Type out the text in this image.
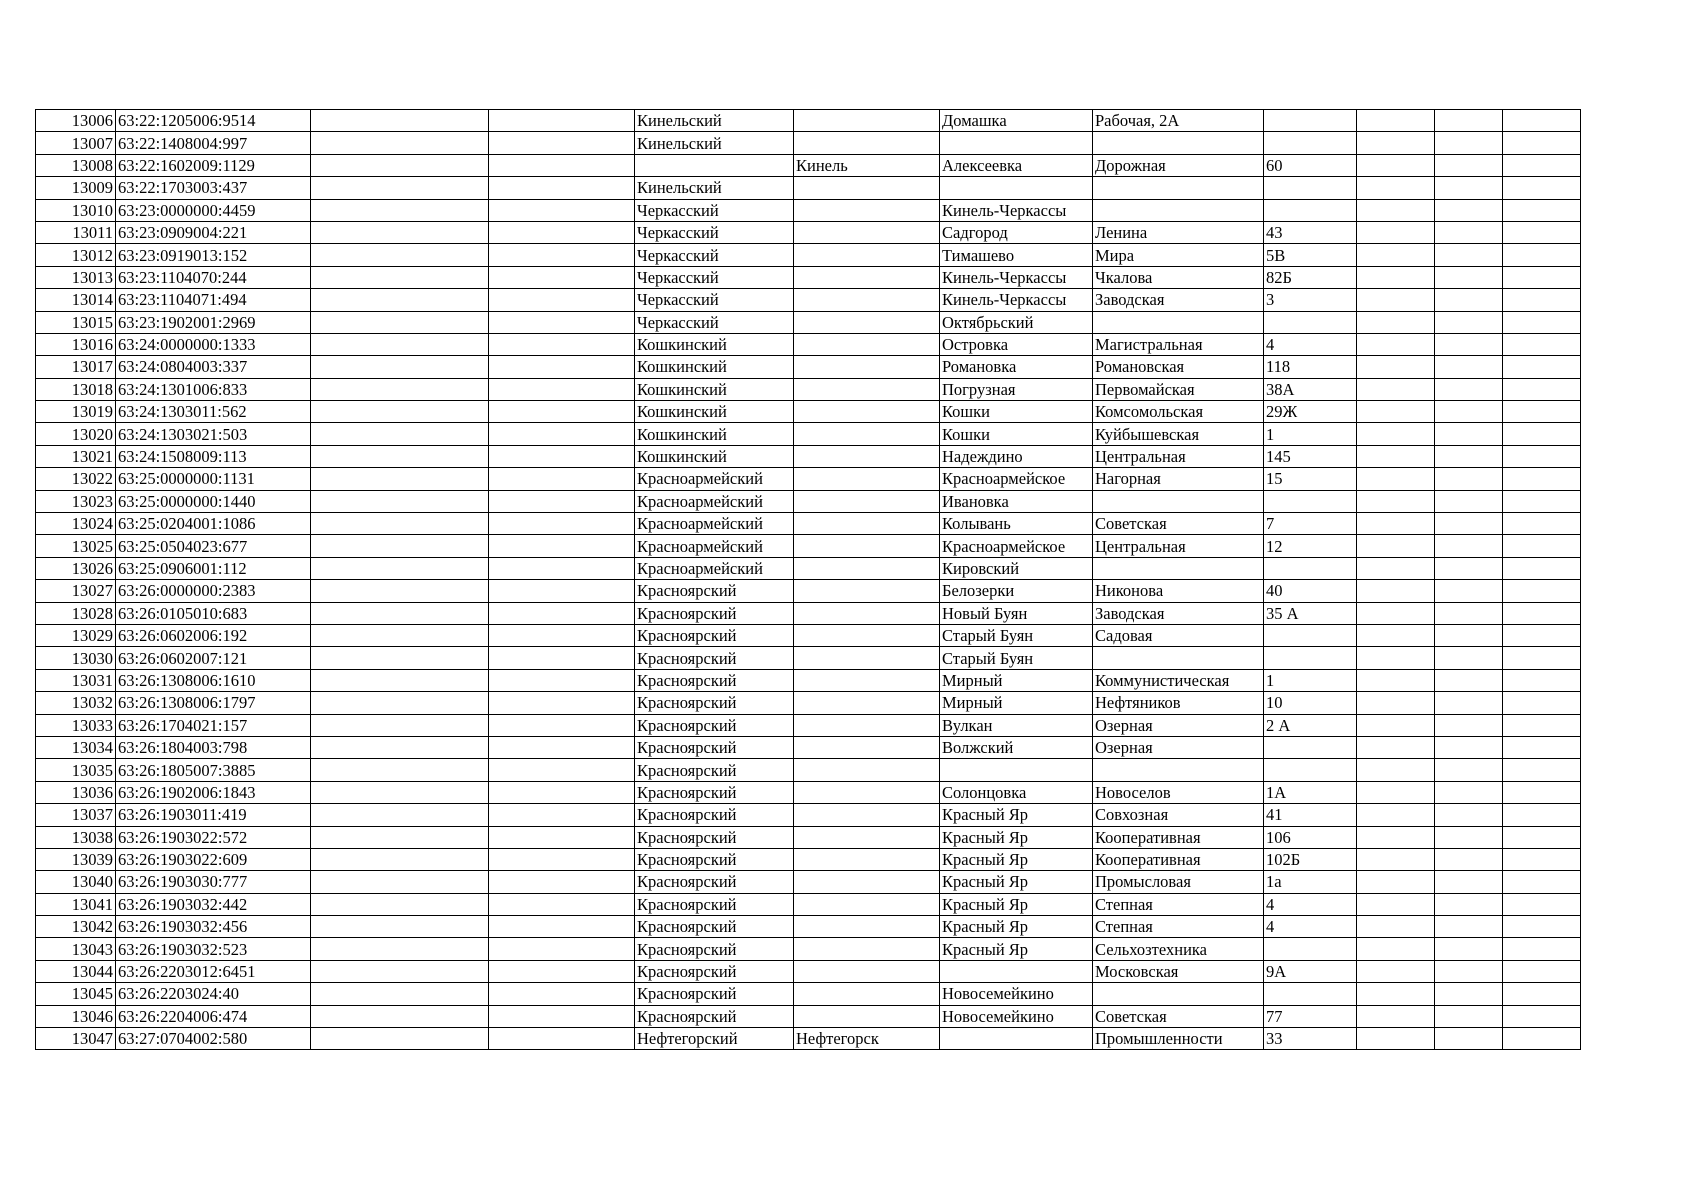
13006	63:22:1205006:9514			Кинельский		Домашка	Рабочая, 2А				
13007	63:22:1408004:997			Кинельский							
13008	63:22:1602009:1129				Кинель	Алексеевка	Дорожная	60			
13009	63:22:1703003:437			Кинельский							
13010	63:23:0000000:4459			Черкасский		Кинель-Черкассы					
13011	63:23:0909004:221			Черкасский		Садгород	Ленина	43			
13012	63:23:0919013:152			Черкасский		Тимашево	Мира	5В			
13013	63:23:1104070:244			Черкасский		Кинель-Черкассы	Чкалова	82Б			
13014	63:23:1104071:494			Черкасский		Кинель-Черкассы	Заводская	3			
13015	63:23:1902001:2969			Черкасский		Октябрьский					
13016	63:24:0000000:1333			Кошкинский		Островка	Магистральная	4			
13017	63:24:0804003:337			Кошкинский		Романовка	Романовская	118			
13018	63:24:1301006:833			Кошкинский		Погрузная	Первомайская	38А			
13019	63:24:1303011:562			Кошкинский		Кошки	Комсомольская	29Ж			
13020	63:24:1303021:503			Кошкинский		Кошки	Куйбышевская	1			
13021	63:24:1508009:113			Кошкинский		Надеждино	Центральная	145			
13022	63:25:0000000:1131			Красноармейский		Красноармейское	Нагорная	15			
13023	63:25:0000000:1440			Красноармейский		Ивановка					
13024	63:25:0204001:1086			Красноармейский		Колывань	Советская	7			
13025	63:25:0504023:677			Красноармейский		Красноармейское	Центральная	12			
13026	63:25:0906001:112			Красноармейский		Кировский					
13027	63:26:0000000:2383			Красноярский		Белозерки	Никонова	40			
13028	63:26:0105010:683			Красноярский		Новый Буян	Заводская	35 А			
13029	63:26:0602006:192			Красноярский		Старый Буян	Садовая				
13030	63:26:0602007:121			Красноярский		Старый Буян					
13031	63:26:1308006:1610			Красноярский		Мирный	Коммунистическая	1			
13032	63:26:1308006:1797			Красноярский		Мирный	Нефтяников	10			
13033	63:26:1704021:157			Красноярский		Вулкан	Озерная	2 А			
13034	63:26:1804003:798			Красноярский		Волжский	Озерная				
13035	63:26:1805007:3885			Красноярский							
13036	63:26:1902006:1843			Красноярский		Солонцовка	Новоселов	1А			
13037	63:26:1903011:419			Красноярский		Красный Яр	Совхозная	41			
13038	63:26:1903022:572			Красноярский		Красный Яр	Кооперативная	106			
13039	63:26:1903022:609			Красноярский		Красный Яр	Кооперативная	102Б			
13040	63:26:1903030:777			Красноярский		Красный Яр	Промысловая	1а			
13041	63:26:1903032:442			Красноярский		Красный Яр	Степная	4			
13042	63:26:1903032:456			Красноярский		Красный Яр	Степная	4			
13043	63:26:1903032:523			Красноярский		Красный Яр	Сельхозтехника				
13044	63:26:2203012:6451			Красноярский			Московская	9А			
13045	63:26:2203024:40			Красноярский		Новосемейкино					
13046	63:26:2204006:474			Красноярский		Новосемейкино	Советская	77			
13047	63:27:0704002:580			Нефтегорский	Нефтегорск		Промышленности	33			
